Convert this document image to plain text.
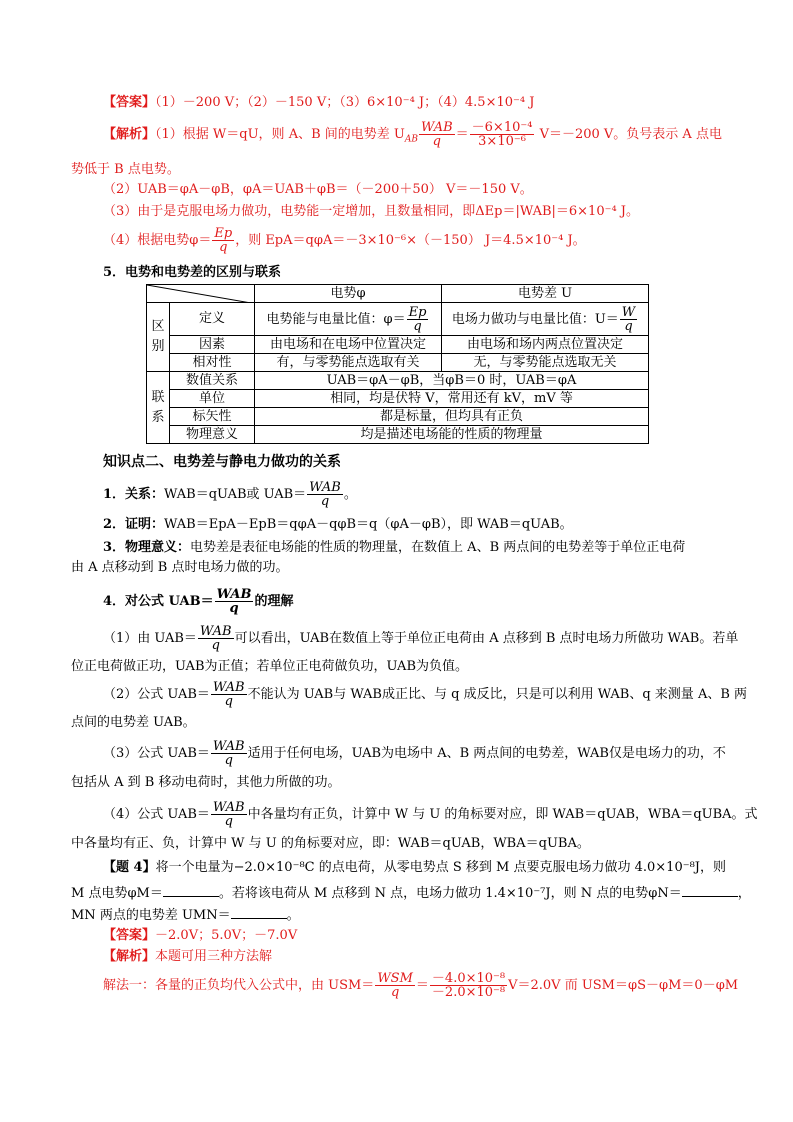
【答案】（1）－200 V；（2）－150 V；（3）6×10⁻⁴ J；（4）4.5×10⁻⁴ J
【解析】（1）根据 W＝qU，则 A、B 间的电势差 $U_{AB} \frac{\text{WAB}}{q} = \frac{\text{－6×10⁻⁴}}{\text{3×10⁻⁶}} V=-200$ V。负号表示 A 点电
势低于 B 点电势。
（2）UAB＝φA－φB，φA＝UAB＋φB＝（－200＋50） V＝－150 V。
（3）由于是克服电场力做功，电势能一定增加，且数量相同，即ΔEp＝|WAB|＝6×10⁻⁴ J。
（4）根据电势$\varphi= \frac{Ep}{q}$ ，则 EpA＝qφA＝－3×10⁻⁶×（－150） J＝4.5×10⁻⁴ J。
5．电势和电势差的区别与联系
	电势φ	电势差 U
区别	定义	电势能与电量比值：$\varphi= \frac{Ep}{q}$	电场力做功与电量比值：$U= \frac{W}{q}$

	因素	由电场和在电场中位置决定	由电场和场内两点位置决定
	相对性	有，与零势能点选取有关	无，与零势能点选取无关
联系	数值关系	UAB＝φA－φB，当φB＝0 时，UAB＝φA	
	单位	相同，均是伏特 V，常用还有 kV，mV 等	
	标矢性	都是标量，但均具有正负	
	物理意义	均是描述电场能的性质的物理量	
知识点二、电势差与静电力做功的关系
1．关系：WAB＝qUAB或 $UAB= \frac{\text{WAB}}{q}$ 。
2．证明：WAB＝EpA－EpB＝qφA－qφB＝q（φA－φB），即 WAB＝qUAB。
3．物理意义：电势差是表征电场能的性质的物理量，在数值上 A、B 两点间的电势差等于单位正电荷
由 A 点移动到 B 点时电场力做的功。
4．对公式 $UAB= \frac{\text{WAB}}{q}$ 的理解
（1）由 $UAB= \frac{\text{WAB}}{q}$ 可以看出，UAB在数值上等于单位正电荷由 A 点移到 B 点时电场力所做功 WAB。若单
位正电荷做正功，UAB为正值；若单位正电荷做负功，UAB为负值。
（2）公式 $UAB= \frac{\text{WAB}}{q}$ 不能认为 UAB与 WAB成正比、与 q 成反比，只是可以利用 WAB、q 来测量 A、B 两
点间的电势差 UAB。
（3）公式 $UAB= \frac{\text{WAB}}{q}$ 适用于任何电场，UAB为电场中 A、B 两点间的电势差，WAB仅是电场力的功，不
包括从 A 到 B 移动电荷时，其他力所做的功。
（4）公式 $UAB= \frac{\text{WAB}}{q}$ 中各量均有正负，计算中 W 与 U 的角标要对应，即 WAB＝qUAB，WBA＝qUBA。式
中各量均有正、负，计算中 W 与 U 的角标要对应，即：WAB＝qUAB，WBA＝qUBA。
【题 4】将一个电量为−2.0×10⁻⁸C 的点电荷，从零电势点 S 移到 M 点要克服电场力做功 4.0×10⁻⁸J，则
M 点电势φM＝	。若将该电荷从 M 点移到 N 点，电场力做功 1.4×10⁻⁷J，则 N 点的电势φN＝	，
MN 两点的电势差 UMN＝	。
【答案】－2.0V；5.0V；－7.0V
【解析】本题可用三种方法解
解法一：各量的正负均代入公式中，由 $USM= \frac{\text{WSM}}{q} = \frac{\text{－4.0×10⁻⁸}}{\text{－2.0×10⁻⁸}} V=2.0V$ 而 USM＝φS－φM＝0－φM
